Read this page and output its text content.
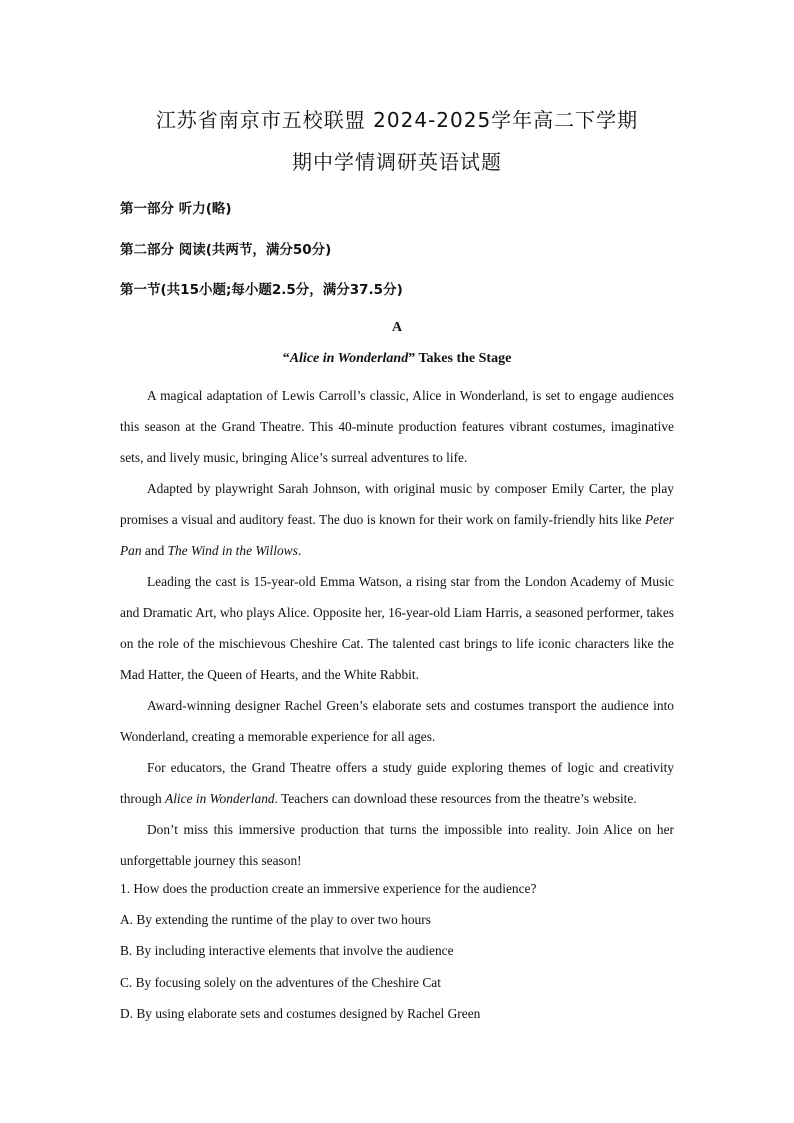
江苏省南京市五校联盟 2024-2025学年高二下学期
期中学情调研英语试题
第一部分 听力(略)
第二部分 阅读(共两节，满分50分)
第一节(共15小题;每小题2.5分，满分37.5分)
A
“Alice in Wonderland” Takes the Stage

A magical adaptation of Lewis Carroll’s classic, Alice in Wonderland, is set to engage audiences this season at the Grand Theatre. This 40-minute production features vibrant costumes, imaginative sets, and lively music, bringing Alice’s surreal adventures to life.

Adapted by playwright Sarah Johnson, with original music by composer Emily Carter, the play promises a visual and auditory feast. The duo is known for their work on family-friendly hits like Peter Pan and The Wind in the Willows.

Leading the cast is 15-year-old Emma Watson, a rising star from the London Academy of Music and Dramatic Art, who plays Alice. Opposite her, 16-year-old Liam Harris, a seasoned performer, takes on the role of the mischievous Cheshire Cat. The talented cast brings to life iconic characters like the Mad Hatter, the Queen of Hearts, and the White Rabbit.

Award-winning designer Rachel Green’s elaborate sets and costumes transport the audience into Wonderland, creating a memorable experience for all ages.

For educators, the Grand Theatre offers a study guide exploring themes of logic and creativity through Alice in Wonderland. Teachers can download these resources from the theatre’s website.

Don’t miss this immersive production that turns the impossible into reality. Join Alice on her unforgettable journey this season!

1. How does the production create an immersive experience for the audience?
A. By extending the runtime of the play to over two hours
B. By including interactive elements that involve the audience
C. By focusing solely on the adventures of the Cheshire Cat
D. By using elaborate sets and costumes designed by Rachel Green
